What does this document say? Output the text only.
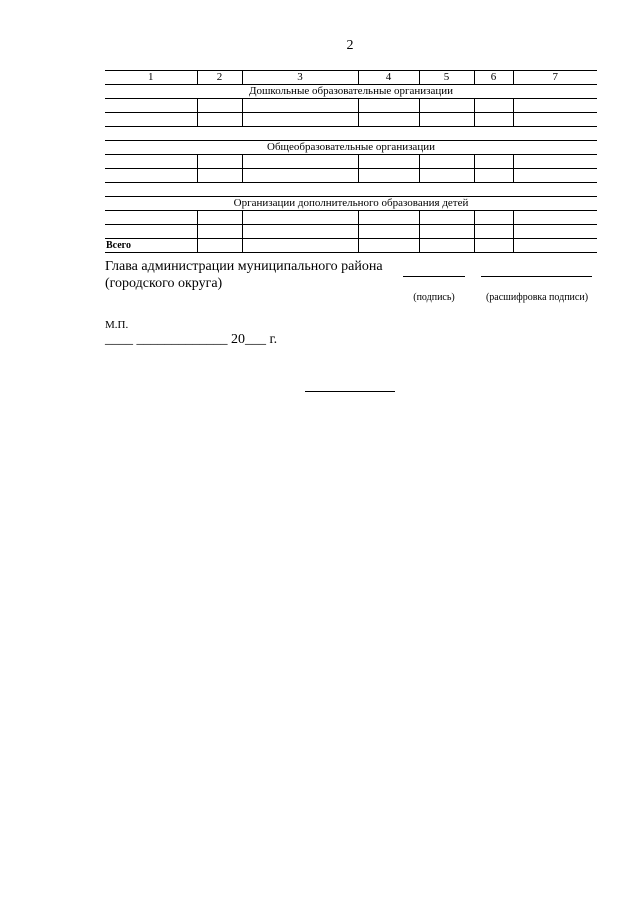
2
1	2	3	4	5	6	7
Дошкольные образовательные организации						

Общеобразовательные организации						

Организации дополнительного образования детей						

Всего						
Глава администрации муниципального района
(городского округа)
(подпись)	(расшифровка подписи)
М.П.
____ _____________ 20___ г.
